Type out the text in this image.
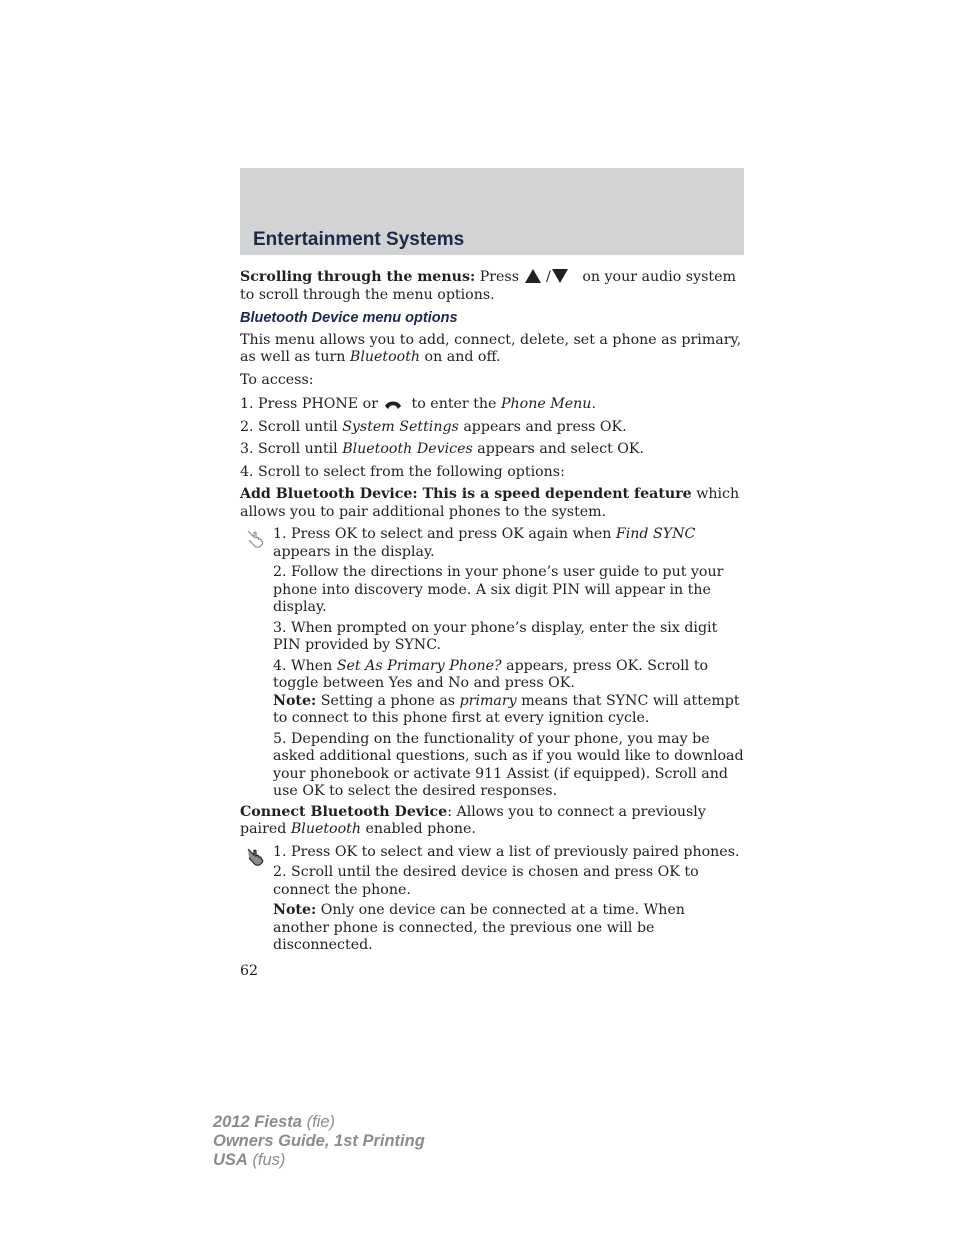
Entertainment Systems

Scrolling through the menus: Press  /   on your audio system to scroll through the menu options.

Bluetooth Device menu options

This menu allows you to add, connect, delete, set a phone as primary, as well as turn Bluetooth on and off.

To access:

1. Press PHONE or   to enter the Phone Menu.

2. Scroll until System Settings appears and press OK.

3. Scroll until Bluetooth Devices appears and select OK.

4. Scroll to select from the following options:

Add Bluetooth Device: This is a speed dependent feature which allows you to pair additional phones to the system.

1. Press OK to select and press OK again when Find SYNC appears in the display.

2. Follow the directions in your phone’s user guide to put your phone into discovery mode. A six digit PIN will appear in the display.

3. When prompted on your phone’s display, enter the six digit PIN provided by SYNC.

4. When Set As Primary Phone? appears, press OK. Scroll to toggle between Yes and No and press OK.

Note: Setting a phone as primary means that SYNC will attempt to connect to this phone first at every ignition cycle.

5. Depending on the functionality of your phone, you may be asked additional questions, such as if you would like to download your phonebook or activate 911 Assist (if equipped). Scroll and use OK to select the desired responses.

Connect Bluetooth Device: Allows you to connect a previously paired Bluetooth enabled phone.

1. Press OK to select and view a list of previously paired phones.

2. Scroll until the desired device is chosen and press OK to connect the phone.

Note: Only one device can be connected at a time. When another phone is connected, the previous one will be disconnected.

62
2012 Fiesta (fie)
Owners Guide, 1st Printing
USA (fus)
